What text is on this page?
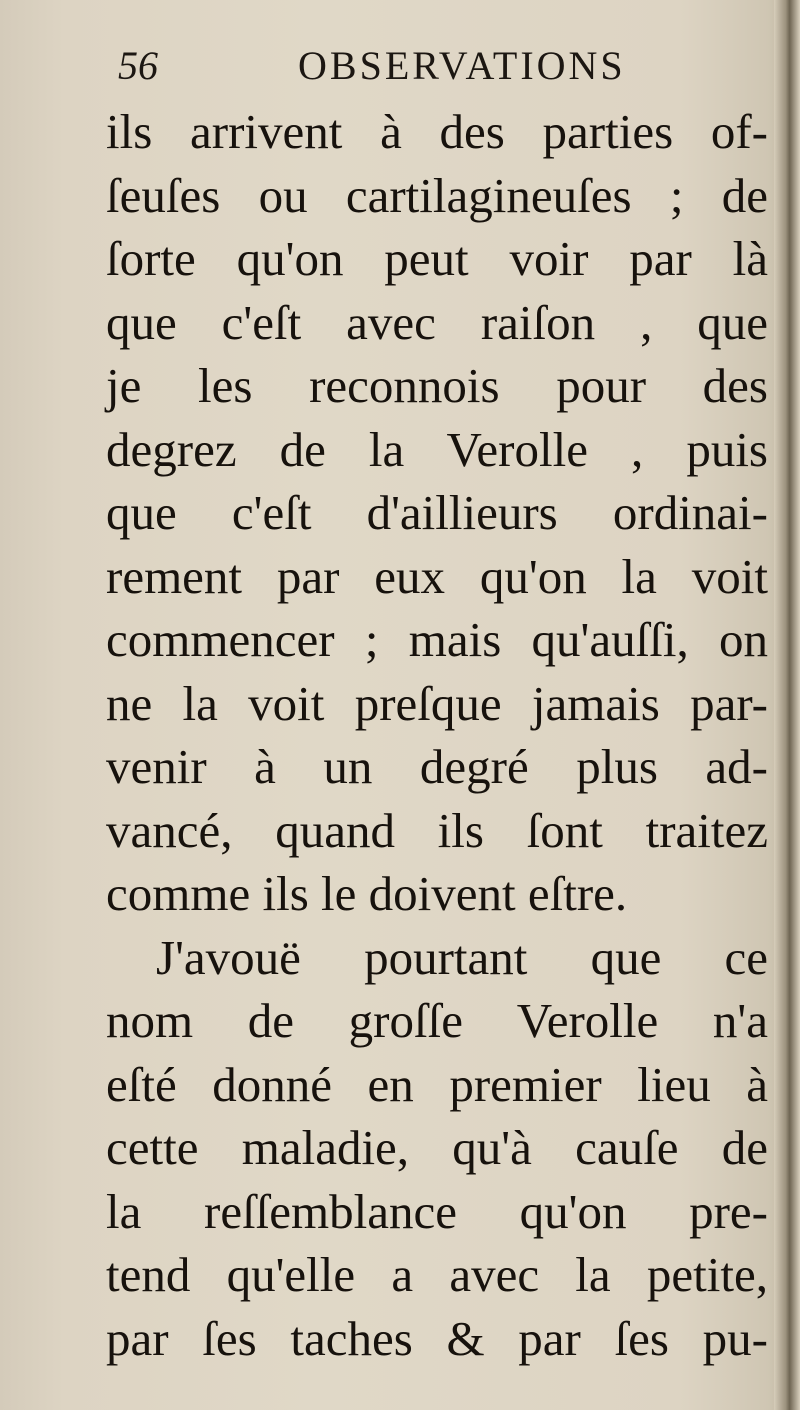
56	OBSERVATIONS
ils arrivent à des parties of-
ſeuſes ou cartilagineuſes ; de
ſorte qu'on peut voir par là
que c'eſt avec raiſon , que
je les reconnois pour des
degrez de la Verolle , puis
que c'eſt d'aillieurs ordinai-
rement par eux qu'on la voit
commencer ; mais qu'auſſi, on
ne la voit preſque jamais par-
venir à un degré plus ad-
vancé, quand ils ſont traitez
comme ils le doivent eſtre.
J'avouë pourtant que ce
nom de groſſe Verolle n'a
eſté donné en premier lieu à
cette maladie, qu'à cauſe de
la reſſemblance qu'on pre-
tend qu'elle a avec la petite,
par ſes taches & par ſes pu-
